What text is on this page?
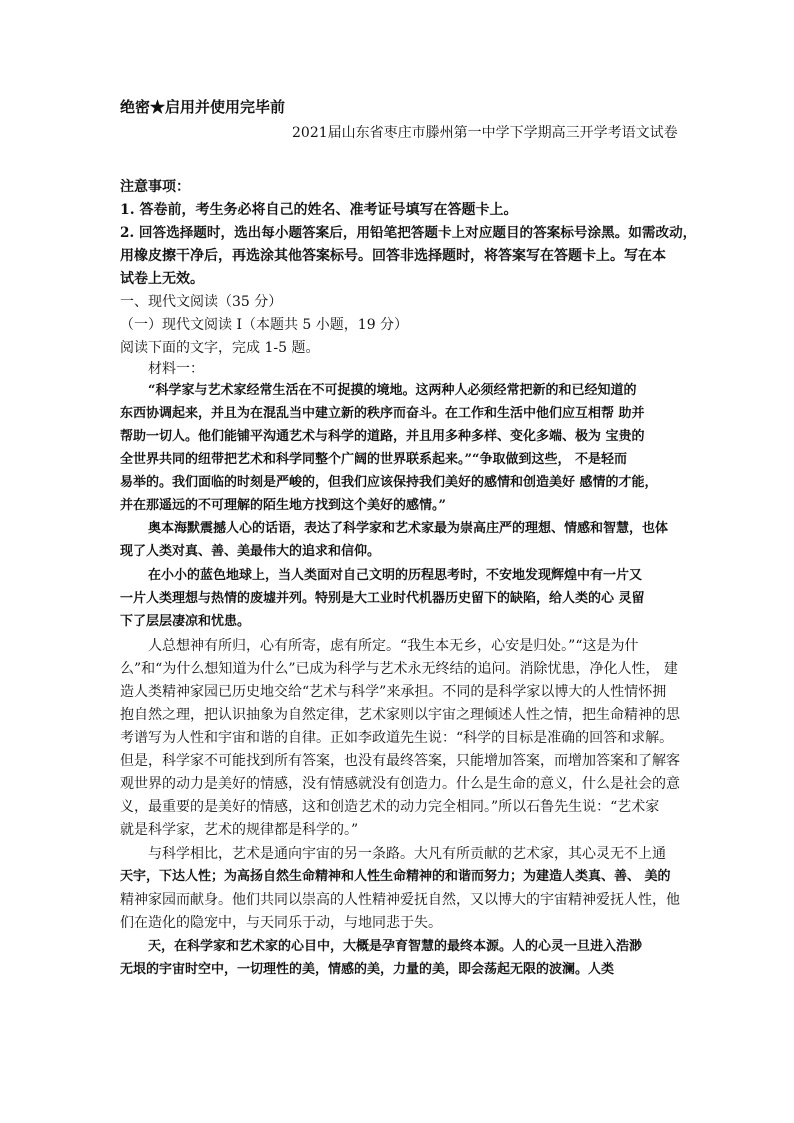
绝密★启用并使用完毕前
2021届山东省枣庄市滕州第一中学下学期高三开学考语文试卷
注意事项：
1. 答卷前，考生务必将自己的姓名、准考证号填写在答题卡上。
2. 回答选择题时，选出每小题答案后，用铅笔把答题卡上对应题目的答案标号涂黑。如需改动，
用橡皮擦干净后，再选涂其他答案标号。回答非选择题时，将答案写在答题卡上。写在本
试卷上无效。
一、现代文阅读（35 分）
（一）现代文阅读 I（本题共 5 小题，19 分）
阅读下面的文字，完成 1-5 题。
材料一：
“科学家与艺术家经常生活在不可捉摸的境地。这两种人必须经常把新的和已经知道的
东西协调起来，并且为在混乱当中建立新的秩序而奋斗。在工作和生活中他们应互相帮 助并
帮助一切人。他们能铺平沟通艺术与科学的道路，并且用多种多样、变化多端、极为 宝贵的
全世界共同的纽带把艺术和科学同整个广阔的世界联系起来。”“争取做到这些， 不是轻而
易举的。我们面临的时刻是严峻的，但我们应该保持我们美好的感情和创造美好 感情的才能，
并在那遥远的不可理解的陌生地方找到这个美好的感情。”
奥本海默震撼人心的话语，表达了科学家和艺术家最为崇高庄严的理想、情感和智慧，也体
现了人类对真、善、美最伟大的追求和信仰。
在小小的蓝色地球上，当人类面对自己文明的历程思考时，不安地发现辉煌中有一片又
一片人类理想与热情的废墟并列。特别是大工业时代机器历史留下的缺陷，给人类的心 灵留
下了层层凄凉和忧患。
人总想神有所归，心有所寄，虑有所定。“我生本无乡，心安是归处。”“这是为什
么”和“为什么想知道为什么”已成为科学与艺术永无终结的追问。消除忧患，净化人性， 建
造人类精神家园已历史地交给“艺术与科学”来承担。不同的是科学家以博大的人性情怀拥
抱自然之理，把认识抽象为自然定律，艺术家则以宇宙之理倾述人性之情，把生命精神的思
考谱写为人性和宇宙和谐的自律。正如李政道先生说：“科学的目标是准确的回答和求解。
但是，科学家不可能找到所有答案，也没有最终答案，只能增加答案，而增加答案和了解客
观世界的动力是美好的情感，没有情感就没有创造力。什么是生命的意义，什么是社会的意
义，最重要的是美好的情感，这和创造艺术的动力完全相同。”所以石鲁先生说：“艺术家
就是科学家，艺术的规律都是科学的。”
与科学相比，艺术是通向宇宙的另一条路。大凡有所贡献的艺术家，其心灵无不上通
天宇，下达人性；为高扬自然生命精神和人性生命精神的和谐而努力；为建造人类真、善、 美的
精神家园而献身。他们共同以崇高的人性精神爱抚自然，又以博大的宇宙精神爱抚人性，他
们在造化的隐宠中，与天同乐于动，与地同悲于失。
天，在科学家和艺术家的心目中，大概是孕育智慧的最终本源。人的心灵一旦进入浩渺
无垠的宇宙时空中，一切理性的美，情感的美，力量的美，即会荡起无限的波澜。人类
